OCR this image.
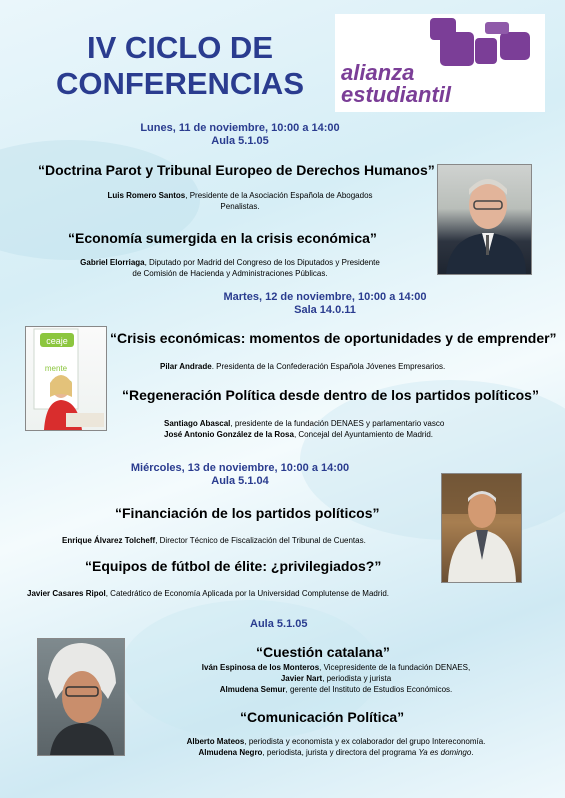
IV CICLO DE
CONFERENCIAS	alianza
estudiantil
Lunes, 11 de noviembre, 10:00 a 14:00
Aula 5.1.05
“Doctrina Parot y Tribunal Europeo de Derechos Humanos”
Luis Romero Santos, Presidente de la Asociación Española de Abogados
Penalistas.
“Economía sumergida en la crisis económica”
Gabriel Elorriaga, Diputado por Madrid del Congreso de los Diputados y Presidente
de Comisión de Hacienda y Administraciones Públicas.
Martes, 12 de noviembre, 10:00 a 14:00
Sala 14.0.11
ceaje
mente
“Crisis económicas: momentos de oportunidades y de emprender”
Pilar Andrade. Presidenta de la Confederación Española Jóvenes Empresarios.
“Regeneración Política desde dentro de los partidos políticos”
Santiago Abascal, presidente de la fundación DENAES y parlamentario vasco
José Antonio González de la Rosa, Concejal del Ayuntamiento de Madrid.
Miércoles, 13 de noviembre, 10:00 a 14:00
Aula 5.1.04
“Financiación de los partidos políticos”
Enrique Álvarez Tolcheff, Director Técnico de Fiscalización del Tribunal de Cuentas.
“Equipos de fútbol de élite: ¿privilegiados?”
Javier Casares Ripol, Catedrático de Economía Aplicada por la Universidad Complutense de Madrid.
Aula 5.1.05
“Cuestión catalana”
Iván Espinosa de los Monteros, Vicepresidente de la fundación DENAES,
Javier Nart, periodista y jurista
Almudena Semur, gerente del Instituto de Estudios Económicos.
“Comunicación Política”
Alberto Mateos, periodista y economista y ex colaborador del grupo Intereconomía.
Almudena Negro, periodista, jurista y directora del programa Ya es domingo.
